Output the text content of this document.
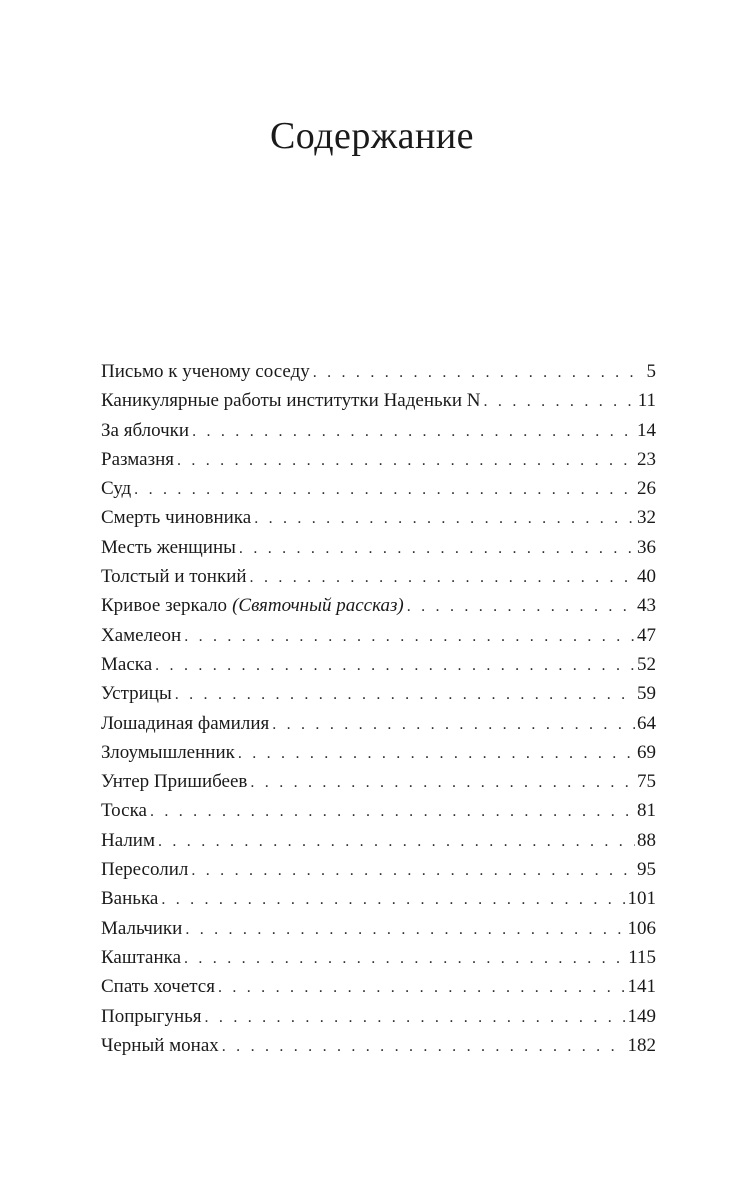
Содержание
Письмо к ученому соседу . . .	5
Каникулярные работы институтки Наденьки N . . .	11
За яблочки . . .	14
Размазня . . .	23
Суд . . .	26
Смерть чиновника . . .	32
Месть женщины . . .	36
Толстый и тонкий . . .	40
Кривое зеркало (Святочный рассказ) . . .	43
Хамелеон . . .	47
Маска . . .	52
Устрицы . . .	59
Лошадиная фамилия . . .	64
Злоумышленник . . .	69
Унтер Пришибеев . . .	75
Тоска . . .	81
Налим . . .	88
Пересолил . . .	95
Ванька . . .	101
Мальчики . . .	106
Каштанка . . .	115
Спать хочется . . .	141
Попрыгунья . . .	149
Черный монах . . .	182
